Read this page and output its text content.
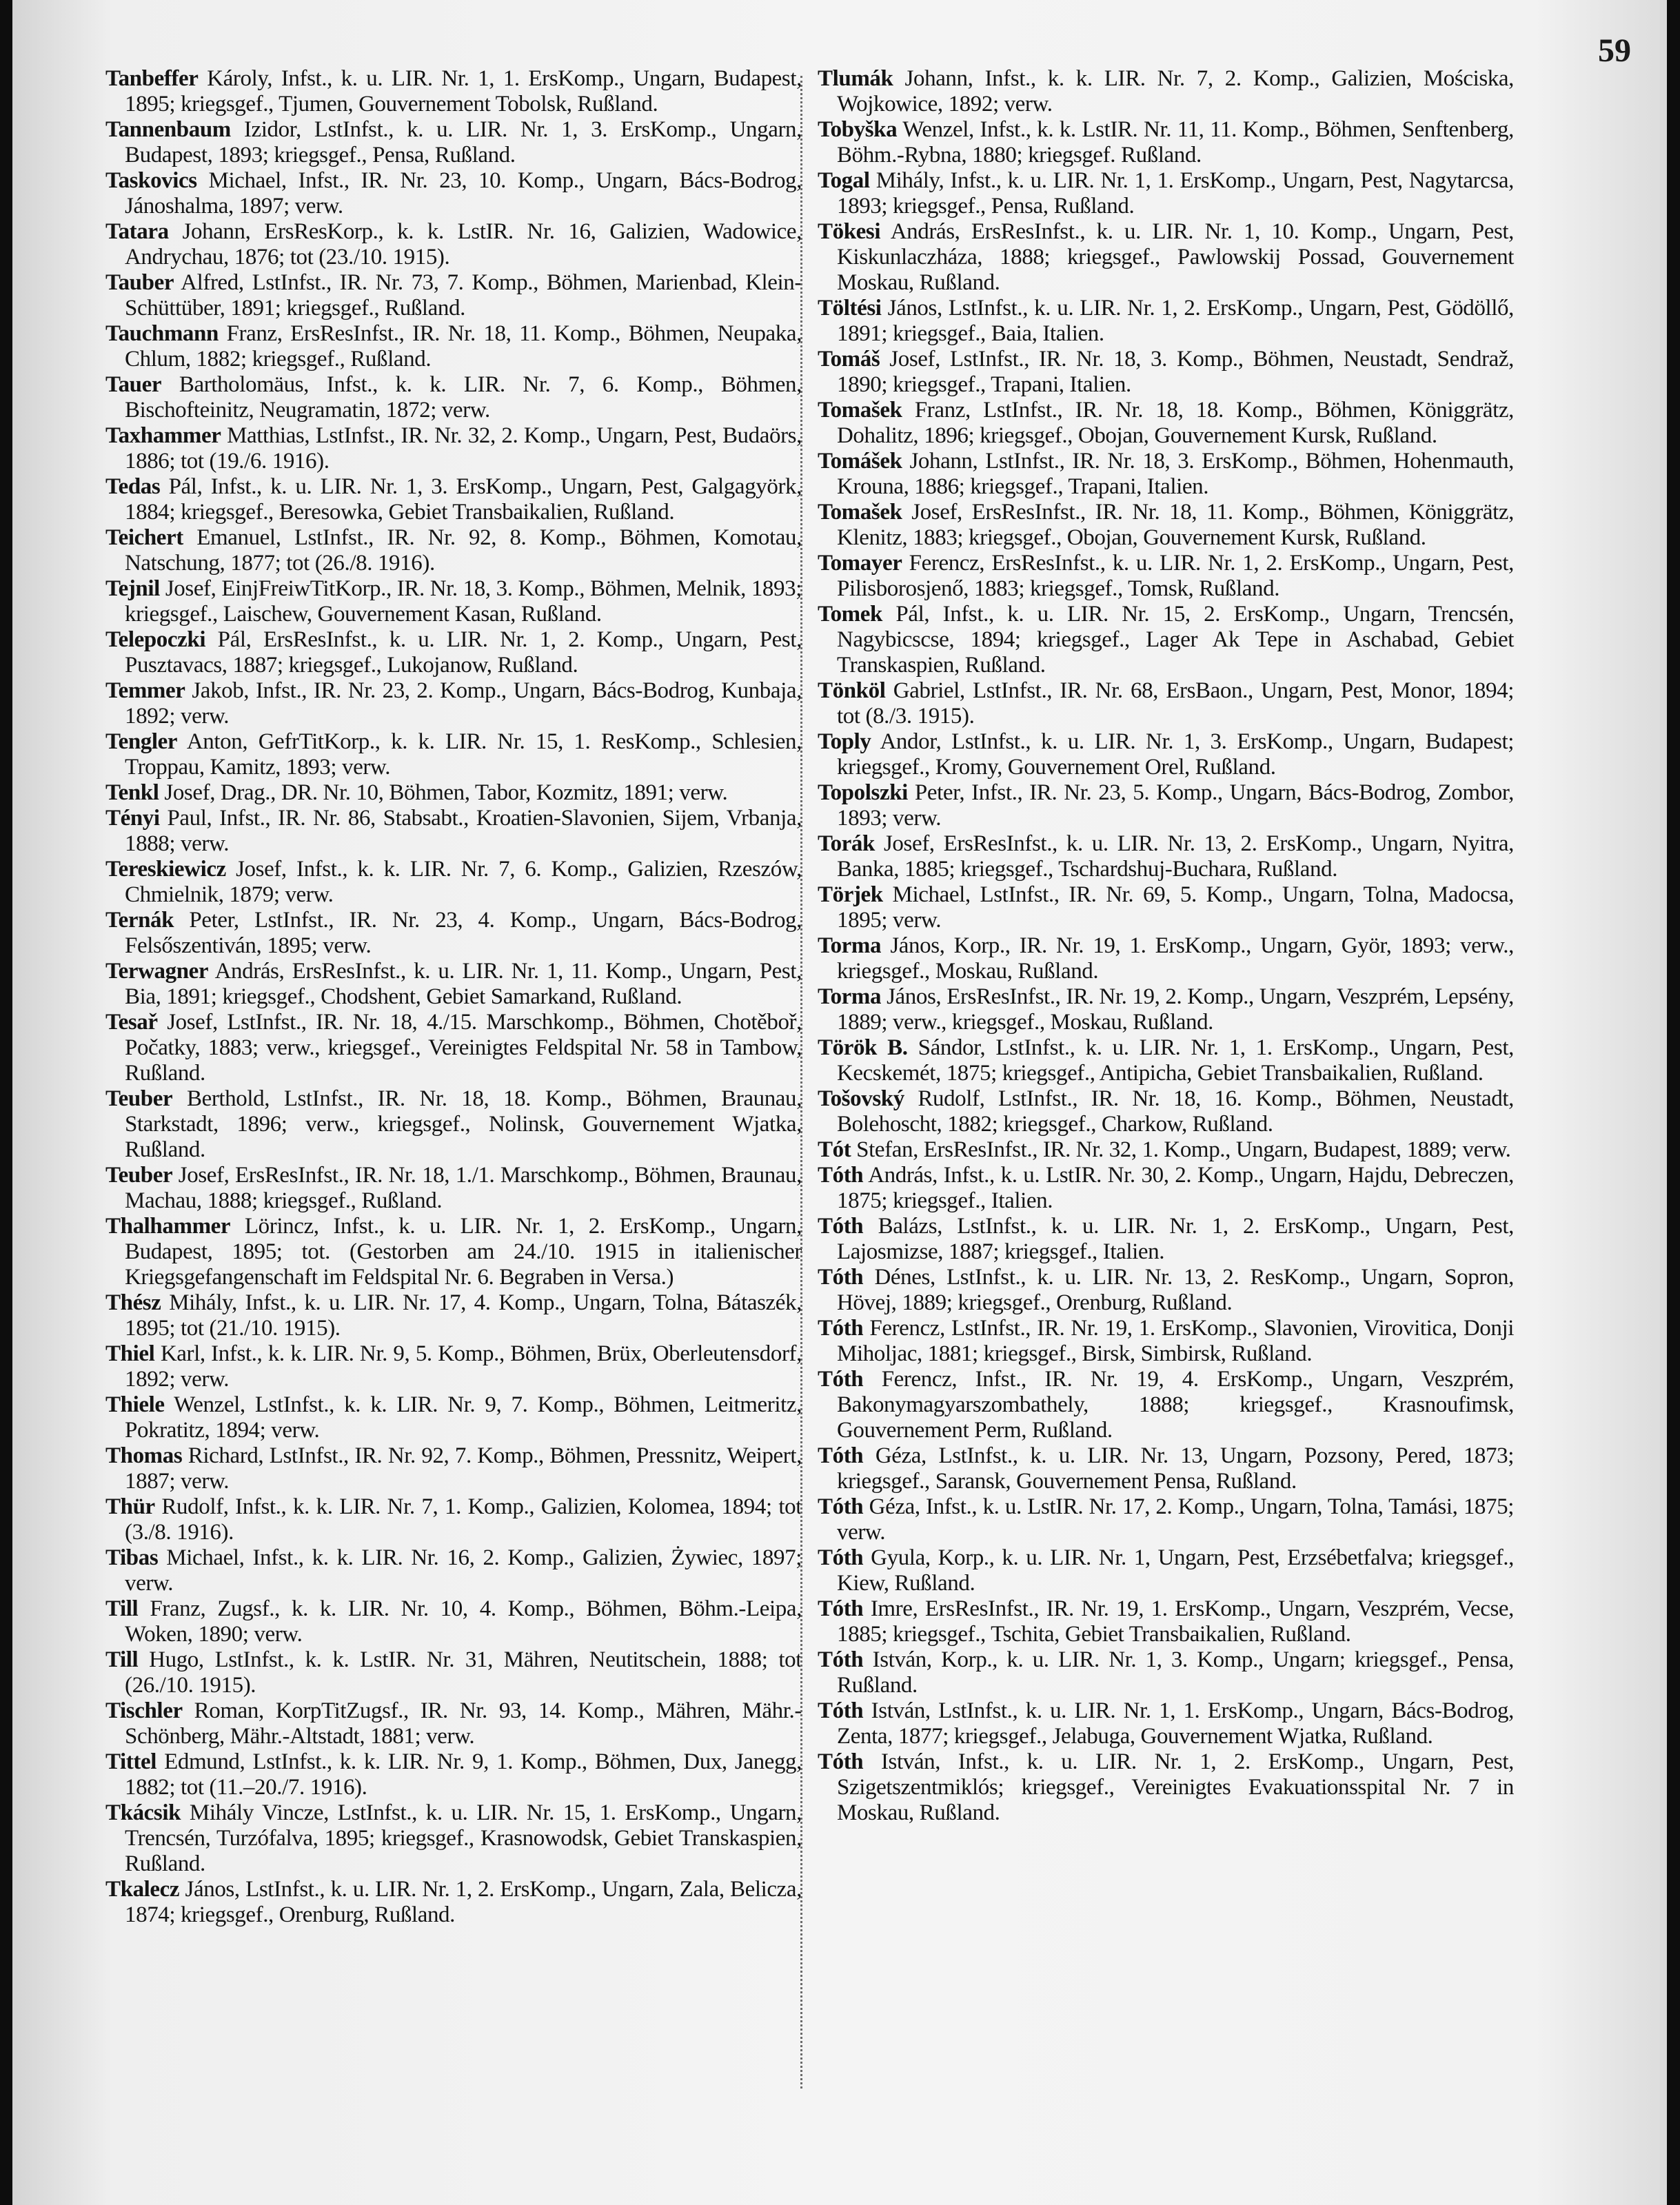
59
Tanbeffer Károly, Infst., k. u. LIR. Nr. 1, 1. ErsKomp., Ungarn, Budapest, 1895; kriegsgef., Tjumen, Gouvernement Tobolsk, Rußland.
Tannenbaum Izidor, LstInfst., k. u. LIR. Nr. 1, 3. ErsKomp., Ungarn, Budapest, 1893; kriegsgef., Pensa, Rußland.
Taskovics Michael, Infst., IR. Nr. 23, 10. Komp., Ungarn, Bács-Bodrog, Jánoshalma, 1897; verw.
Tatara Johann, ErsResKorp., k. k. LstIR. Nr. 16, Galizien, Wadowice, Andrychau, 1876; tot (23./10. 1915).
Tauber Alfred, LstInfst., IR. Nr. 73, 7. Komp., Böhmen, Marienbad, Klein-Schüttüber, 1891; kriegsgef., Rußland.
Tauchmann Franz, ErsResInfst., IR. Nr. 18, 11. Komp., Böhmen, Neupaka, Chlum, 1882; kriegsgef., Rußland.
Tauer Bartholomäus, Infst., k. k. LIR. Nr. 7, 6. Komp., Böhmen, Bischofteinitz, Neugramatin, 1872; verw.
Taxhammer Matthias, LstInfst., IR. Nr. 32, 2. Komp., Ungarn, Pest, Budaörs, 1886; tot (19./6. 1916).
Tedas Pál, Infst., k. u. LIR. Nr. 1, 3. ErsKomp., Ungarn, Pest, Galgagyörk, 1884; kriegsgef., Beresowka, Gebiet Transbaikalien, Rußland.
Teichert Emanuel, LstInfst., IR. Nr. 92, 8. Komp., Böhmen, Komotau, Natschung, 1877; tot (26./8. 1916).
Tejnil Josef, EinjFreiwTitKorp., IR. Nr. 18, 3. Komp., Böhmen, Melnik, 1893; kriegsgef., Laischew, Gouvernement Kasan, Rußland.
Telepoczki Pál, ErsResInfst., k. u. LIR. Nr. 1, 2. Komp., Ungarn, Pest, Pusztavacs, 1887; kriegsgef., Lukojanow, Rußland.
Temmer Jakob, Infst., IR. Nr. 23, 2. Komp., Ungarn, Bács-Bodrog, Kunbaja, 1892; verw.
Tengler Anton, GefrTitKorp., k. k. LIR. Nr. 15, 1. ResKomp., Schlesien, Troppau, Kamitz, 1893; verw.
Tenkl Josef, Drag., DR. Nr. 10, Böhmen, Tabor, Kozmitz, 1891; verw.
Tényi Paul, Infst., IR. Nr. 86, Stabsabt., Kroatien-Slavonien, Sijem, Vrbanja, 1888; verw.
Tereskiewicz Josef, Infst., k. k. LIR. Nr. 7, 6. Komp., Galizien, Rzeszów, Chmielnik, 1879; verw.
Ternák Peter, LstInfst., IR. Nr. 23, 4. Komp., Ungarn, Bács-Bodrog, Felsőszentiván, 1895; verw.
Terwagner András, ErsResInfst., k. u. LIR. Nr. 1, 11. Komp., Ungarn, Pest, Bia, 1891; kriegsgef., Chodshent, Gebiet Samarkand, Rußland.
Tesař Josef, LstInfst., IR. Nr. 18, 4./15. Marschkomp., Böhmen, Chotěboř, Počatky, 1883; verw., kriegsgef., Vereinigtes Feldspital Nr. 58 in Tambow, Rußland.
Teuber Berthold, LstInfst., IR. Nr. 18, 18. Komp., Böhmen, Braunau, Starkstadt, 1896; verw., kriegsgef., Nolinsk, Gouvernement Wjatka, Rußland.
Teuber Josef, ErsResInfst., IR. Nr. 18, 1./1. Marschkomp., Böhmen, Braunau, Machau, 1888; kriegsgef., Rußland.
Thalhammer Lörincz, Infst., k. u. LIR. Nr. 1, 2. ErsKomp., Ungarn, Budapest, 1895; tot. (Gestorben am 24./10. 1915 in italienischer Kriegsgefangenschaft im Feldspital Nr. 6. Begraben in Versa.)
Thész Mihály, Infst., k. u. LIR. Nr. 17, 4. Komp., Ungarn, Tolna, Bátaszék, 1895; tot (21./10. 1915).
Thiel Karl, Infst., k. k. LIR. Nr. 9, 5. Komp., Böhmen, Brüx, Oberleutensdorf, 1892; verw.
Thiele Wenzel, LstInfst., k. k. LIR. Nr. 9, 7. Komp., Böhmen, Leitmeritz, Pokratitz, 1894; verw.
Thomas Richard, LstInfst., IR. Nr. 92, 7. Komp., Böhmen, Pressnitz, Weipert, 1887; verw.
Thür Rudolf, Infst., k. k. LIR. Nr. 7, 1. Komp., Galizien, Kolomea, 1894; tot (3./8. 1916).
Tibas Michael, Infst., k. k. LIR. Nr. 16, 2. Komp., Galizien, Żywiec, 1897; verw.
Till Franz, Zugsf., k. k. LIR. Nr. 10, 4. Komp., Böhmen, Böhm.-Leipa, Woken, 1890; verw.
Till Hugo, LstInfst., k. k. LstIR. Nr. 31, Mähren, Neutitschein, 1888; tot (26./10. 1915).
Tischler Roman, KorpTitZugsf., IR. Nr. 93, 14. Komp., Mähren, Mähr.-Schönberg, Mähr.-Altstadt, 1881; verw.
Tittel Edmund, LstInfst., k. k. LIR. Nr. 9, 1. Komp., Böhmen, Dux, Janegg, 1882; tot (11.–20./7. 1916).
Tkácsik Mihály Vincze, LstInfst., k. u. LIR. Nr. 15, 1. ErsKomp., Ungarn, Trencsén, Turzófalva, 1895; kriegsgef., Krasnowodsk, Gebiet Transkaspien, Rußland.
Tkalecz János, LstInfst., k. u. LIR. Nr. 1, 2. ErsKomp., Ungarn, Zala, Belicza, 1874; kriegsgef., Orenburg, Rußland.
Tlumák Johann, Infst., k. k. LIR. Nr. 7, 2. Komp., Galizien, Mościska, Wojkowice, 1892; verw.
Tobyška Wenzel, Infst., k. k. LstIR. Nr. 11, 11. Komp., Böhmen, Senftenberg, Böhm.-Rybna, 1880; kriegsgef. Rußland.
Togal Mihály, Infst., k. u. LIR. Nr. 1, 1. ErsKomp., Ungarn, Pest, Nagytarcsa, 1893; kriegsgef., Pensa, Rußland.
Tökesi András, ErsResInfst., k. u. LIR. Nr. 1, 10. Komp., Ungarn, Pest, Kiskunlaczháza, 1888; kriegsgef., Pawlowskij Possad, Gouvernement Moskau, Rußland.
Töltési János, LstInfst., k. u. LIR. Nr. 1, 2. ErsKomp., Ungarn, Pest, Gödöllő, 1891; kriegsgef., Baia, Italien.
Tomáš Josef, LstInfst., IR. Nr. 18, 3. Komp., Böhmen, Neustadt, Sendraž, 1890; kriegsgef., Trapani, Italien.
Tomašek Franz, LstInfst., IR. Nr. 18, 18. Komp., Böhmen, Königgrätz, Dohalitz, 1896; kriegsgef., Obojan, Gouvernement Kursk, Rußland.
Tomášek Johann, LstInfst., IR. Nr. 18, 3. ErsKomp., Böhmen, Hohenmauth, Krouna, 1886; kriegsgef., Trapani, Italien.
Tomašek Josef, ErsResInfst., IR. Nr. 18, 11. Komp., Böhmen, Königgrätz, Klenitz, 1883; kriegsgef., Obojan, Gouvernement Kursk, Rußland.
Tomayer Ferencz, ErsResInfst., k. u. LIR. Nr. 1, 2. ErsKomp., Ungarn, Pest, Pilisborosjenő, 1883; kriegsgef., Tomsk, Rußland.
Tomek Pál, Infst., k. u. LIR. Nr. 15, 2. ErsKomp., Ungarn, Trencsén, Nagybicscse, 1894; kriegsgef., Lager Ak Tepe in Aschabad, Gebiet Transkaspien, Rußland.
Tönköl Gabriel, LstInfst., IR. Nr. 68, ErsBaon., Ungarn, Pest, Monor, 1894; tot (8./3. 1915).
Toply Andor, LstInfst., k. u. LIR. Nr. 1, 3. ErsKomp., Ungarn, Budapest; kriegsgef., Kromy, Gouvernement Orel, Rußland.
Topolszki Peter, Infst., IR. Nr. 23, 5. Komp., Ungarn, Bács-Bodrog, Zombor, 1893; verw.
Torák Josef, ErsResInfst., k. u. LIR. Nr. 13, 2. ErsKomp., Ungarn, Nyitra, Banka, 1885; kriegsgef., Tschardshuj-Buchara, Rußland.
Törjek Michael, LstInfst., IR. Nr. 69, 5. Komp., Ungarn, Tolna, Madocsa, 1895; verw.
Torma János, Korp., IR. Nr. 19, 1. ErsKomp., Ungarn, Györ, 1893; verw., kriegsgef., Moskau, Rußland.
Torma János, ErsResInfst., IR. Nr. 19, 2. Komp., Ungarn, Veszprém, Lepsény, 1889; verw., kriegsgef., Moskau, Rußland.
Török B. Sándor, LstInfst., k. u. LIR. Nr. 1, 1. ErsKomp., Ungarn, Pest, Kecskemét, 1875; kriegsgef., Antipicha, Gebiet Transbaikalien, Rußland.
Tošovský Rudolf, LstInfst., IR. Nr. 18, 16. Komp., Böhmen, Neustadt, Bolehoscht, 1882; kriegsgef., Charkow, Rußland.
Tót Stefan, ErsResInfst., IR. Nr. 32, 1. Komp., Ungarn, Budapest, 1889; verw.
Tóth András, Infst., k. u. LstIR. Nr. 30, 2. Komp., Ungarn, Hajdu, Debreczen, 1875; kriegsgef., Italien.
Tóth Balázs, LstInfst., k. u. LIR. Nr. 1, 2. ErsKomp., Ungarn, Pest, Lajosmizse, 1887; kriegsgef., Italien.
Tóth Dénes, LstInfst., k. u. LIR. Nr. 13, 2. ResKomp., Ungarn, Sopron, Hövej, 1889; kriegsgef., Orenburg, Rußland.
Tóth Ferencz, LstInfst., IR. Nr. 19, 1. ErsKomp., Slavonien, Virovitica, Donji Miholjac, 1881; kriegsgef., Birsk, Simbirsk, Rußland.
Tóth Ferencz, Infst., IR. Nr. 19, 4. ErsKomp., Ungarn, Veszprém, Bakonymagyarszombathely, 1888; kriegsgef., Krasnoufimsk, Gouvernement Perm, Rußland.
Tóth Géza, LstInfst., k. u. LIR. Nr. 13, Ungarn, Pozsony, Pered, 1873; kriegsgef., Saransk, Gouvernement Pensa, Rußland.
Tóth Géza, Infst., k. u. LstIR. Nr. 17, 2. Komp., Ungarn, Tolna, Tamási, 1875; verw.
Tóth Gyula, Korp., k. u. LIR. Nr. 1, Ungarn, Pest, Erzsébetfalva; kriegsgef., Kiew, Rußland.
Tóth Imre, ErsResInfst., IR. Nr. 19, 1. ErsKomp., Ungarn, Veszprém, Vecse, 1885; kriegsgef., Tschita, Gebiet Transbaikalien, Rußland.
Tóth István, Korp., k. u. LIR. Nr. 1, 3. Komp., Ungarn; kriegsgef., Pensa, Rußland.
Tóth István, LstInfst., k. u. LIR. Nr. 1, 1. ErsKomp., Ungarn, Bács-Bodrog, Zenta, 1877; kriegsgef., Jelabuga, Gouvernement Wjatka, Rußland.
Tóth István, Infst., k. u. LIR. Nr. 1, 2. ErsKomp., Ungarn, Pest, Szigetszentmiklós; kriegsgef., Vereinigtes Evakuationsspital Nr. 7 in Moskau, Rußland.
